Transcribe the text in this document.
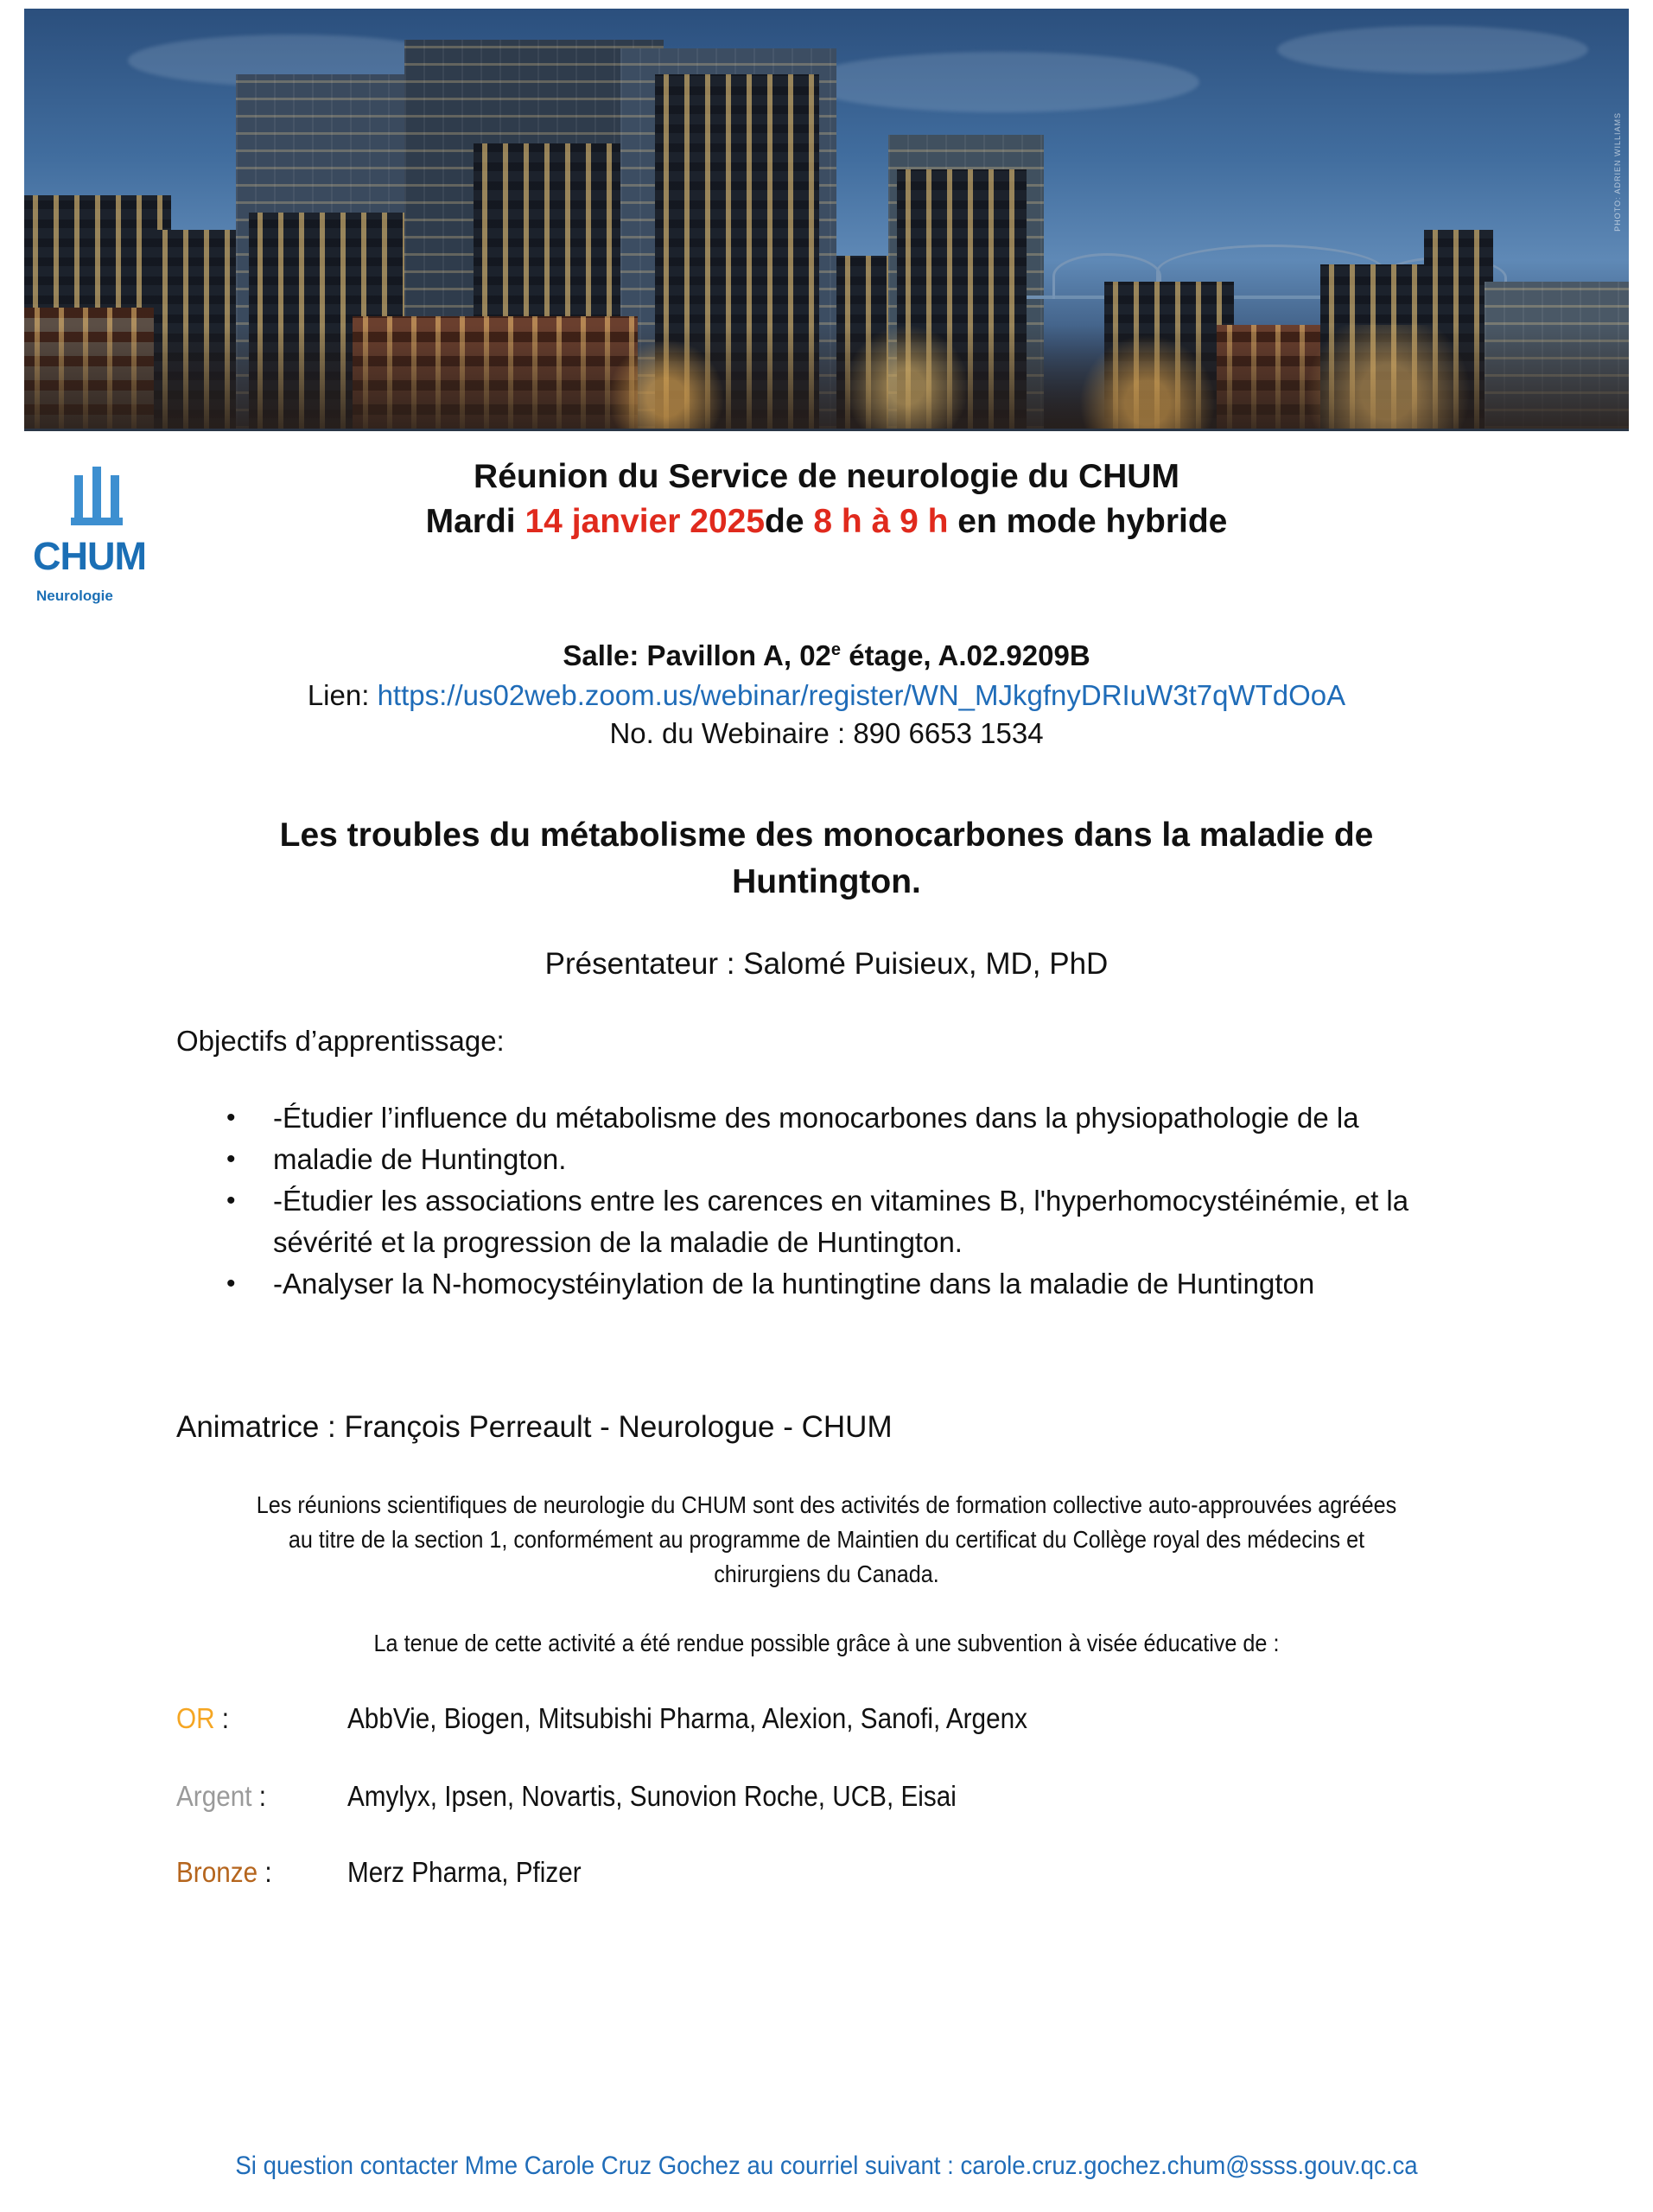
PHOTO: ADRIEN WILLIAMS
CHUM
Neurologie
Réunion du Service de neurologie du CHUM
Mardi 14 janvier 2025de 8 h à 9 h en mode hybride
Salle: Pavillon A, 02e étage, A.02.9209B
Lien: https://us02web.zoom.us/webinar/register/WN_MJkgfnyDRIuW3t7qWTdOoA
No. du Webinaire : 890 6653 1534
Les troubles du métabolisme des monocarbones dans la maladie de
Huntington.
Présentateur : Salomé Puisieux, MD, PhD
Objectifs d’apprentissage:
• -Étudier l’influence du métabolisme des monocarbones dans la physiopathologie de la
• maladie de Huntington.
• -Étudier les associations entre les carences en vitamines B, l'hyperhomocystéinémie, et la
sévérité et la progression de la maladie de Huntington.
• -Analyser la N-homocystéinylation de la huntingtine dans la maladie de Huntington
Animatrice : François Perreault - Neurologue - CHUM
Les réunions scientifiques de neurologie du CHUM sont des activités de formation collective auto-approuvées agréées
au titre de la section 1, conformément au programme de Maintien du certificat du Collège royal des médecins et
chirurgiens du Canada.
La tenue de cette activité a été rendue possible grâce à une subvention à visée éducative de :
OR :	AbbVie, Biogen, Mitsubishi Pharma, Alexion, Sanofi, Argenx
Argent :	Amylyx, Ipsen, Novartis, Sunovion Roche, UCB, Eisai
Bronze :	Merz Pharma, Pfizer
Si question contacter Mme Carole Cruz Gochez au courriel suivant : carole.cruz.gochez.chum@ssss.gouv.qc.ca
